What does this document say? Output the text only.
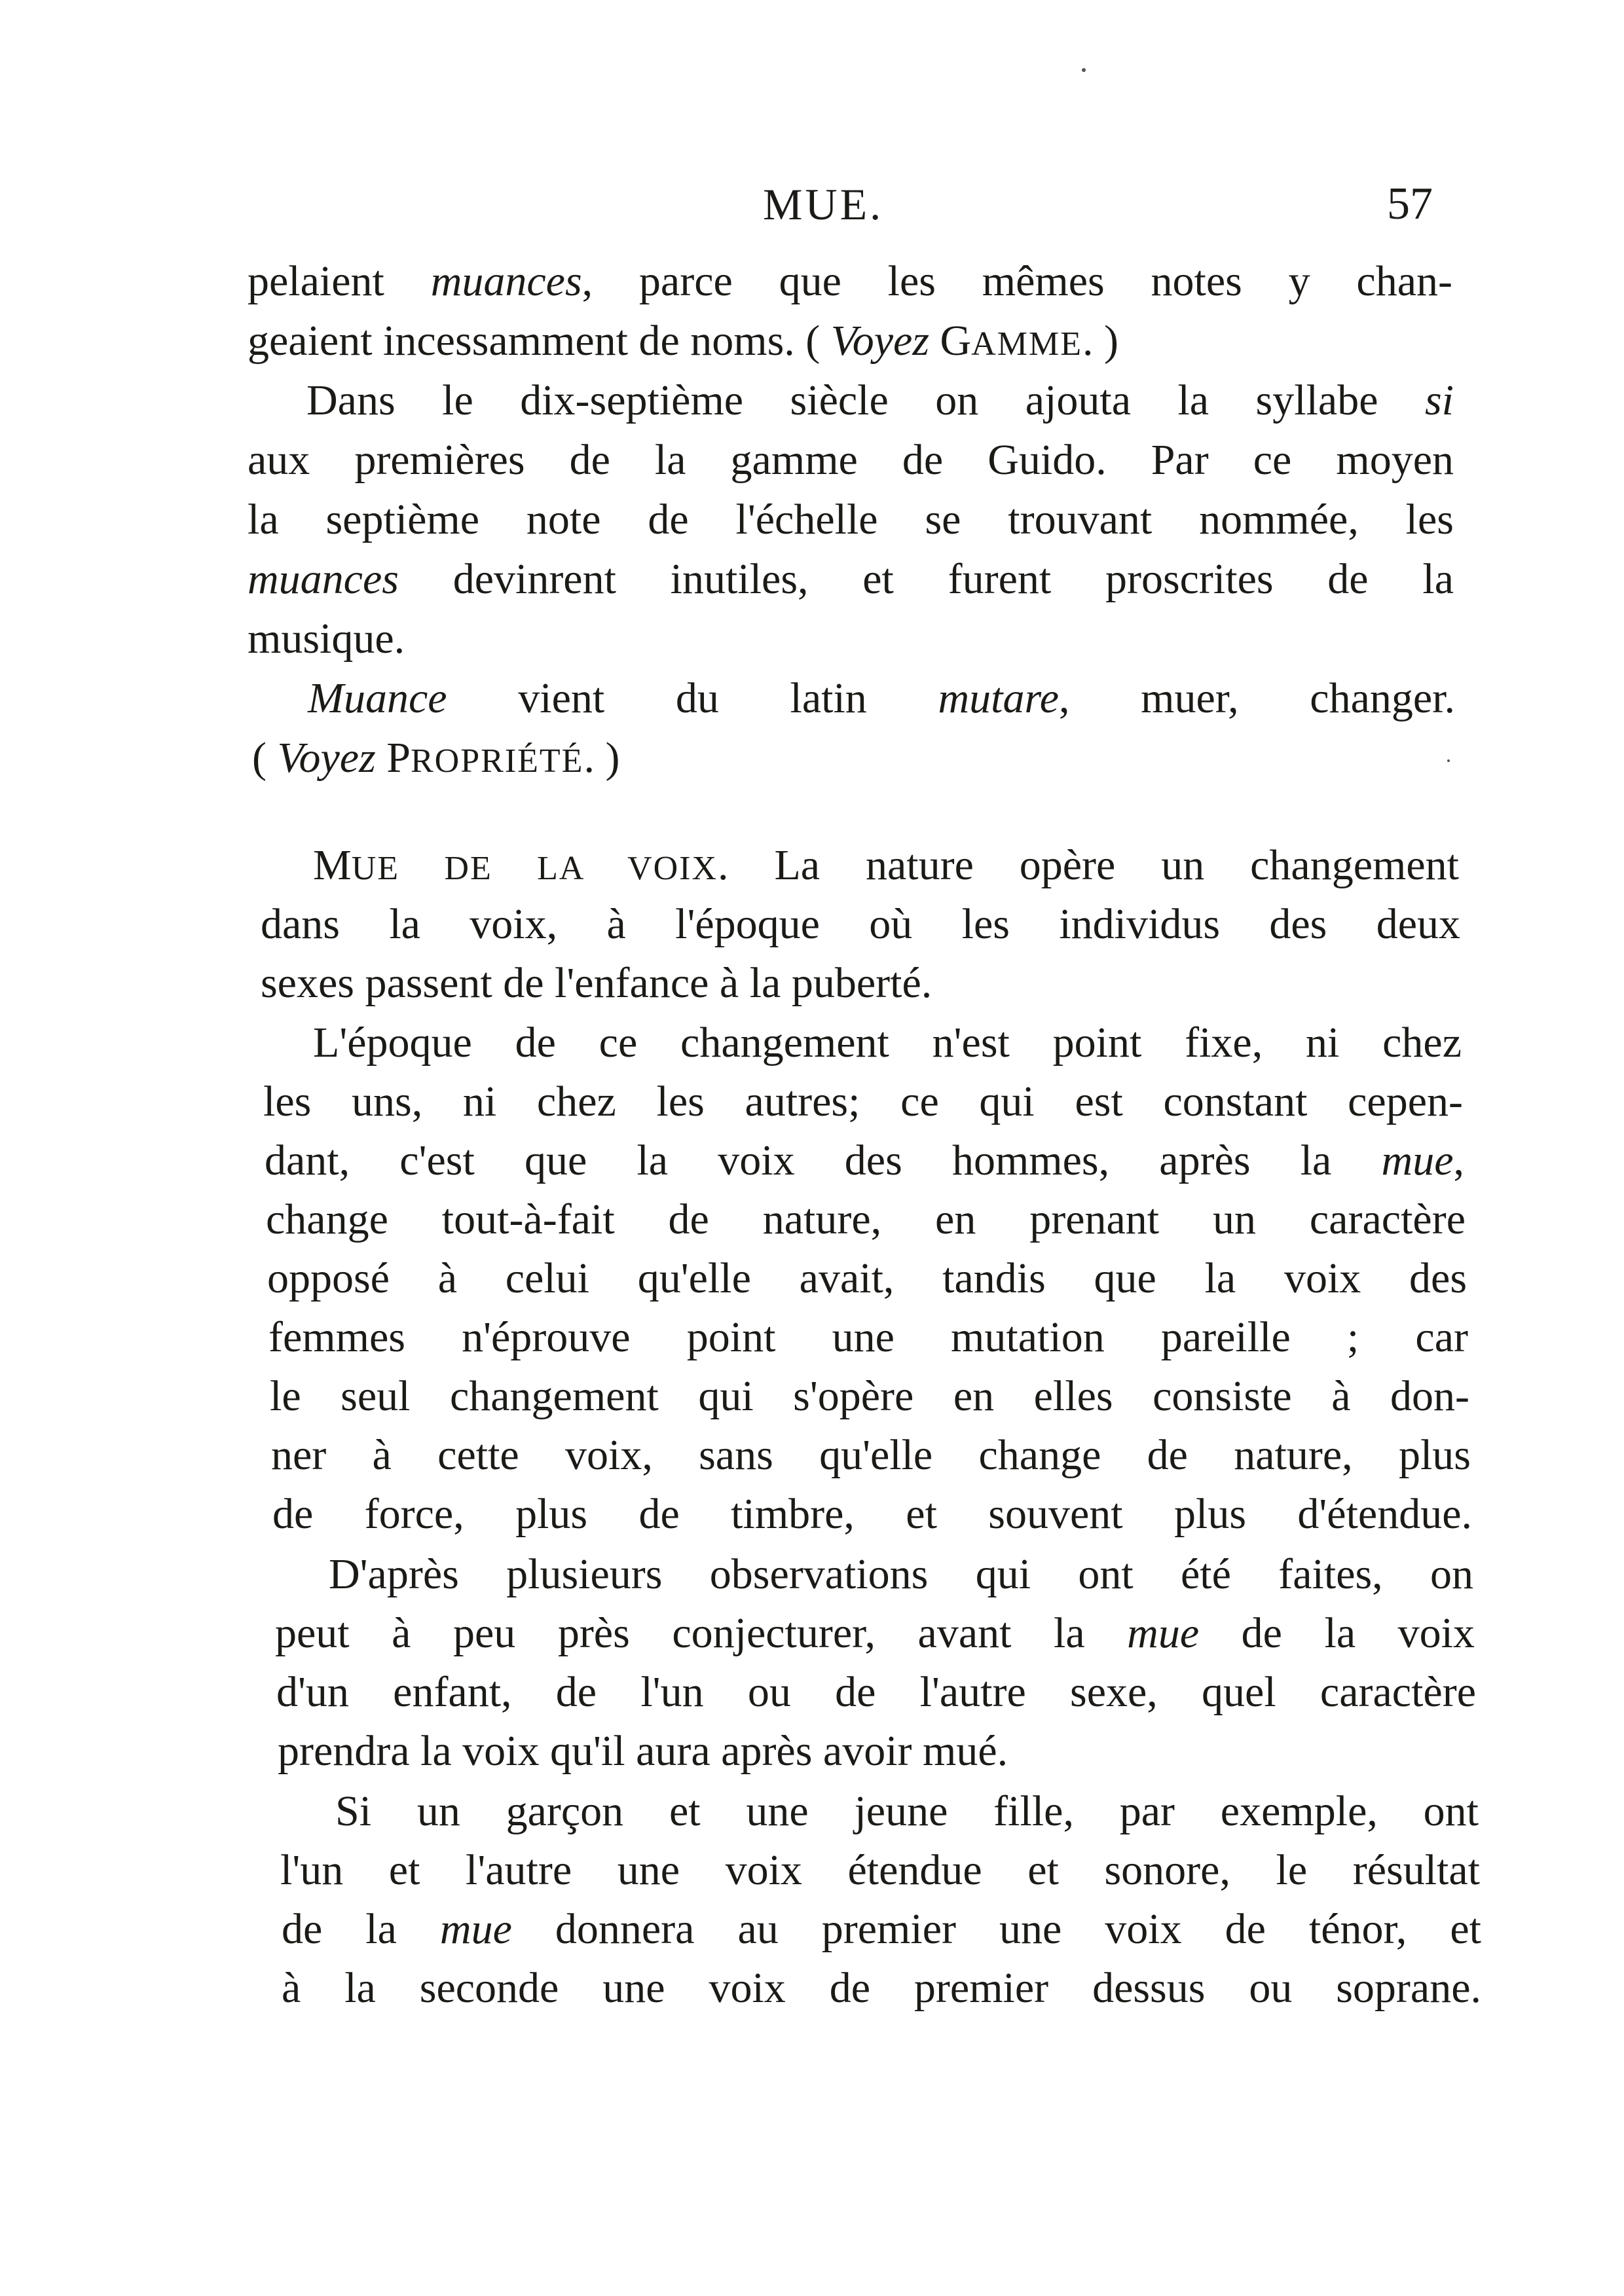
MUE.	57

pelaient muances, parce que les mêmes notes y chan-

geaient incessamment de noms. ( Voyez GAMME. )

Dans le dix-septième siècle on ajouta la syllabe si

aux premières de la gamme de Guido. Par ce moyen

la septième note de l'échelle se trouvant nommée, les

muances devinrent inutiles, et furent proscrites de la

musique.

Muance vient du latin mutare, muer, changer.

( Voyez PROPRIÉTÉ. )

MUE DE LA VOIX. La nature opère un changement

dans la voix, à l'époque où les individus des deux

sexes passent de l'enfance à la puberté.

L'époque de ce changement n'est point fixe, ni chez

les uns, ni chez les autres; ce qui est constant cepen-

dant, c'est que la voix des hommes, après la mue,

change tout-à-fait de nature, en prenant un caractère

opposé à celui qu'elle avait, tandis que la voix des

femmes n'éprouve point une mutation pareille ; car

le seul changement qui s'opère en elles consiste à don-

ner à cette voix, sans qu'elle change de nature, plus

de force, plus de timbre, et souvent plus d'étendue.

D'après plusieurs observations qui ont été faites, on

peut à peu près conjecturer, avant la mue de la voix

d'un enfant, de l'un ou de l'autre sexe, quel caractère

prendra la voix qu'il aura après avoir mué.

Si un garçon et une jeune fille, par exemple, ont

l'un et l'autre une voix étendue et sonore, le résultat

de la mue donnera au premier une voix de ténor, et

à la seconde une voix de premier dessus ou soprane.
